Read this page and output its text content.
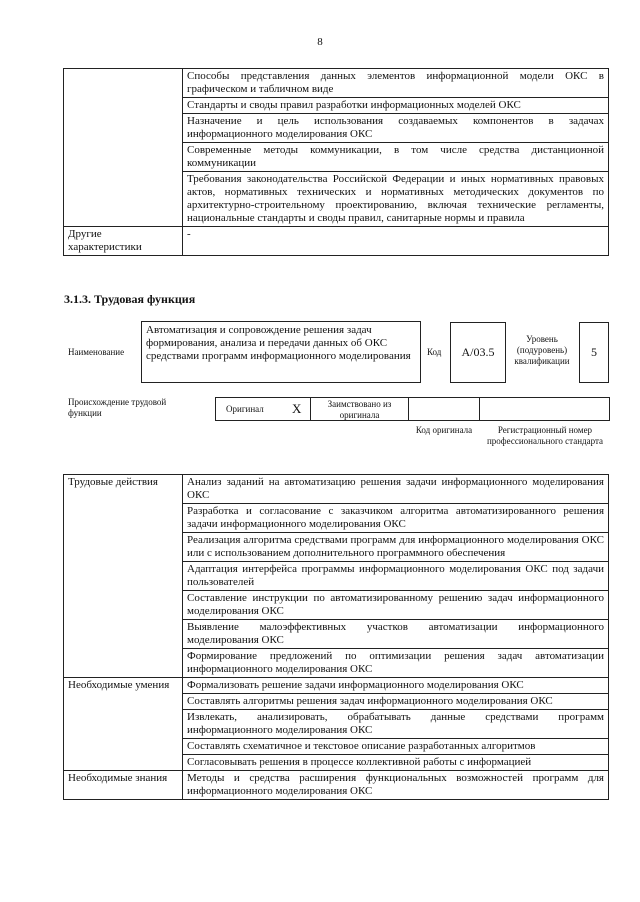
8
	Способы представления данных элементов информационной модели ОКС в графическом и табличном виде
	Стандарты и своды правил разработки информационных моделей ОКС
	Назначение и цель использования создаваемых компонентов в задачах информационного моделирования ОКС
	Современные методы коммуникации, в том числе средства дистанционной коммуникации
	Требования законодательства Российской Федерации и иных нормативных правовых актов, нормативных технических и нормативных методических документов по архитектурно-строительному проектированию, включая технические регламенты, национальные стандарты и своды правил, санитарные нормы и правила
Другие характеристики	-
3.1.3. Трудовая функция
Наименование
Автоматизация и сопровождение решения задач формирования, анализа и передачи данных об ОКС средствами программ информационного моделирования	Код	А/03.5
Уровень (подуровень) квалификации
5
Происхождение трудовой функции	Оригинал X	Заимствовано из оригинала
Код оригинала	Регистрационный номер профессионального стандарта
Трудовые действия	Анализ заданий на автоматизацию решения задачи информационного моделирования ОКС
	Разработка и согласование с заказчиком алгоритма автоматизированного решения задачи информационного моделирования ОКС
	Реализация алгоритма средствами программ для информационного моделирования ОКС или с использованием дополнительного программного обеспечения
	Адаптация интерфейса программы информационного моделирования ОКС под задачи пользователей
	Составление инструкции по автоматизированному решению задач информационного моделирования ОКС
	Выявление малоэффективных участков автоматизации информационного моделирования ОКС
	Формирование предложений по оптимизации решения задач автоматизации информационного моделирования ОКС
Необходимые умения	Формализовать решение задачи информационного моделирования ОКС
	Составлять алгоритмы решения задач информационного моделирования ОКС
	Извлекать, анализировать, обрабатывать данные средствами программ информационного моделирования ОКС
	Составлять схематичное и текстовое описание разработанных алгоритмов
	Согласовывать решения в процессе коллективной работы с информацией
Необходимые знания	Методы и средства расширения функциональных возможностей программ для информационного моделирования ОКС
